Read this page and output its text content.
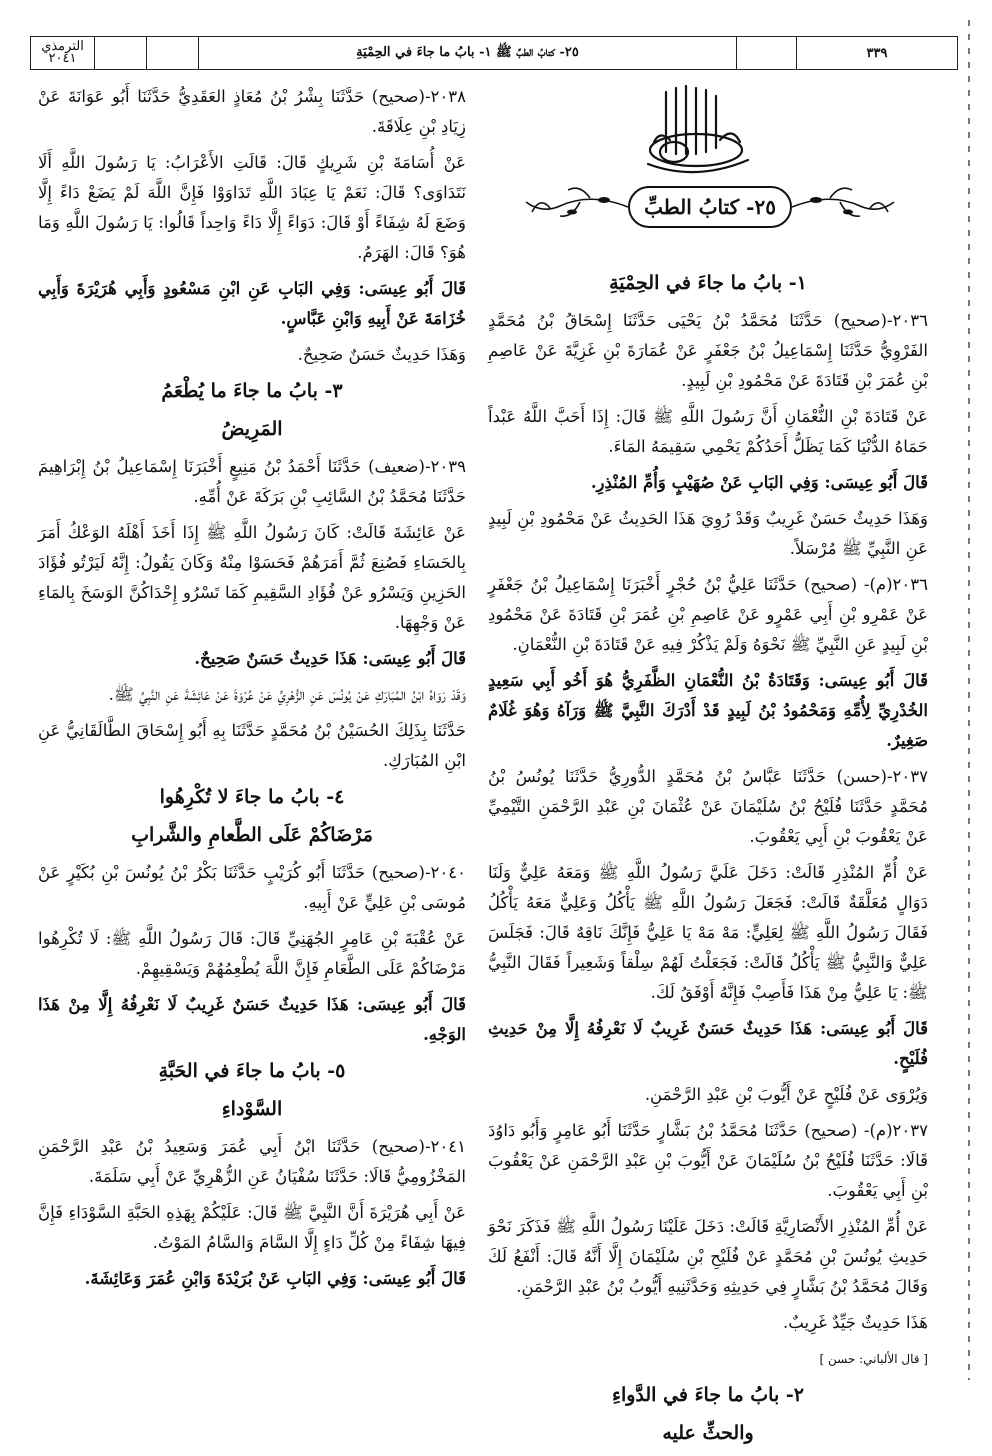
الترمذي
٢٠٤١	٢٥- كتابُ الطبِّ ﷺ ١- بابُ ما جاءَ في الحِمْيَةِ	٣٣٩
٢٥- كتابُ الطبِّ
١- بابُ ما جاءَ في الحِمْيَةِ

٢٠٣٦-(صحيح) حَدَّثَنَا مُحَمَّدُ بْنُ يَحْيَى حَدَّثَنَا إِسْحَاقُ بْنُ مُحَمَّدٍ الفَرْوِيُّ حَدَّثَنَا إِسْمَاعِيلُ بْنُ جَعْفَرٍ عَنْ عُمَارَةَ بْنِ غَزِيَّةَ عَنْ عَاصِمِ بْنِ عُمَرَ بْنِ قَتَادَةَ عَنْ مَحْمُودِ بْنِ لَبِيدٍ.

عَنْ قَتَادَةَ بْنِ النُّعْمَانِ أَنَّ رَسُولَ اللَّهِ ﷺ قَالَ: إِذَا أَحَبَّ اللَّهُ عَبْداً حَمَاهُ الدُّنْيَا كَمَا يَظَلُّ أَحَدُكُمْ يَحْمِي سَقِيمَهُ المَاءَ.

قَالَ أَبُو عِيسَى: وَفِي البَابِ عَنْ صُهَيْبٍ وَأُمِّ المُنْذِرِ.

وَهَذَا حَدِيثٌ حَسَنٌ غَرِيبٌ وَقَدْ رُوِيَ هَذَا الحَدِيثُ عَنْ مَحْمُودِ بْنِ لَبِيدٍ عَنِ النَّبِيِّ ﷺ مُرْسَلاً.

٢٠٣٦(م)- (صحيح) حَدَّثَنَا عَلِيُّ بْنُ حُجْرٍ أَخْبَرَنَا إِسْمَاعِيلُ بْنُ جَعْفَرٍ عَنْ عَمْرِو بْنِ أَبِي عَمْرٍو عَنْ عَاصِمِ بْنِ عُمَرَ بْنِ قَتَادَةَ عَنْ مَحْمُودِ بْنِ لَبِيدٍ عَنِ النَّبِيِّ ﷺ نَحْوَهُ وَلَمْ يَذْكُرْ فِيهِ عَنْ قَتَادَةَ بْنِ النُّعْمَانِ.

قَالَ أَبُو عِيسَى: وَقَتَادَةُ بْنُ النُّعْمَانِ الظَّفَرِيُّ هُوَ أَخُو أَبِي سَعِيدٍ الخُدْرِيِّ لِأُمِّهِ وَمَحْمُودُ بْنُ لَبِيدٍ قَدْ أَدْرَكَ النَّبِيَّ ﷺ وَرَآهُ وَهُوَ غُلَامٌ صَغِيرٌ.

٢٠٣٧-(حسن) حَدَّثَنَا عَبَّاسُ بْنُ مُحَمَّدٍ الدُّورِيُّ حَدَّثَنَا يُونُسُ بْنُ مُحَمَّدٍ حَدَّثَنَا فُلَيْحُ بْنُ سُلَيْمَانَ عَنْ عُثْمَانَ بْنِ عَبْدِ الرَّحْمَنِ التَّيْمِيِّ عَنْ يَعْقُوبَ بْنِ أَبِي يَعْقُوبَ.

عَنْ أُمِّ المُنْذِرِ قَالَتْ: دَخَلَ عَلَيَّ رَسُولُ اللَّهِ ﷺ وَمَعَهُ عَلِيٌّ وَلَنَا دَوَالٍ مُعَلَّقَةٌ قَالَتْ: فَجَعَلَ رَسُولُ اللَّهِ ﷺ يَأْكُلُ وَعَلِيٌّ مَعَهُ يَأْكُلُ فَقَالَ رَسُولُ اللَّهِ ﷺ لِعَلِيٍّ: مَهْ مَهْ يَا عَلِيُّ فَإِنَّكَ نَاقِهٌ قَالَ: فَجَلَسَ عَلِيٌّ وَالنَّبِيُّ ﷺ يَأْكُلُ قَالَتْ: فَجَعَلْتُ لَهُمْ سِلْقاً وَشَعِيراً فَقَالَ النَّبِيُّ ﷺ: يَا عَلِيُّ مِنْ هَذَا فَأَصِبْ فَإِنَّهُ أَوْفَقُ لَكَ.

قَالَ أَبُو عِيسَى: هَذَا حَدِيثٌ حَسَنٌ غَرِيبٌ لَا نَعْرِفُهُ إِلَّا مِنْ حَدِيثِ فُلَيْحٍ.

وَيُرْوَى عَنْ فُلَيْحٍ عَنْ أَيُّوبَ بْنِ عَبْدِ الرَّحْمَنِ.

٢٠٣٧(م)- (صحيح) حَدَّثَنَا مُحَمَّدُ بْنُ بَشَّارٍ حَدَّثَنَا أَبُو عَامِرٍ وَأَبُو دَاوُدَ قَالَا: حَدَّثَنَا فُلَيْحُ بْنُ سُلَيْمَانَ عَنْ أَيُّوبَ بْنِ عَبْدِ الرَّحْمَنِ عَنْ يَعْقُوبَ بْنِ أَبِي يَعْقُوبَ.

عَنْ أُمِّ المُنْذِرِ الأَنْصَارِيَّةِ قَالَتْ: دَخَلَ عَلَيْنَا رَسُولُ اللَّهِ ﷺ فَذَكَرَ نَحْوَ حَدِيثِ يُونُسَ بْنِ مُحَمَّدٍ عَنْ فُلَيْحِ بْنِ سُلَيْمَانَ إِلَّا أَنَّهُ قَالَ: أَنْفَعُ لَكَ وَقَالَ مُحَمَّدُ بْنُ بَشَّارٍ فِي حَدِيثِهِ وَحَدَّثَنِيهِ أَيُّوبُ بْنُ عَبْدِ الرَّحْمَنِ.

هَذَا حَدِيثٌ جَيِّدٌ غَرِيبٌ.

[ قال الألباني: حسن ]

٢- بابُ ما جاءَ في الدَّواءِ
والحثِّ عليه

٢٠٣٨-(صحيح) حَدَّثَنَا بِشْرُ بْنُ مُعَاذٍ العَقَدِيُّ حَدَّثَنَا أَبُو عَوَانَةَ عَنْ زِيَادِ بْنِ عِلَاقَةَ.

عَنْ أُسَامَةَ بْنِ شَرِيكٍ قَالَ: قَالَتِ الأَعْرَابُ: يَا رَسُولَ اللَّهِ أَلَا نَتَدَاوَى؟ قَالَ: نَعَمْ يَا عِبَادَ اللَّهِ تَدَاوَوْا فَإِنَّ اللَّهَ لَمْ يَضَعْ دَاءً إِلَّا وَضَعَ لَهُ شِفَاءً أَوْ قَالَ: دَوَاءً إِلَّا دَاءً وَاحِداً قَالُوا: يَا رَسُولَ اللَّهِ وَمَا هُوَ؟ قَالَ: الهَرَمُ.

قَالَ أَبُو عِيسَى: وَفِي البَابِ عَنِ ابْنِ مَسْعُودٍ وَأَبِي هُرَيْرَةَ وَأَبِي خُزَامَةَ عَنْ أَبِيهِ وَابْنِ عَبَّاسٍ.

وَهَذَا حَدِيثٌ حَسَنٌ صَحِيحٌ.

٣- بابُ ما جاءَ ما يُطْعَمُ
المَرِيضُ

٢٠٣٩-(ضعيف) حَدَّثَنَا أَحْمَدُ بْنُ مَنِيعٍ أَخْبَرَنَا إِسْمَاعِيلُ بْنُ إِبْرَاهِيمَ حَدَّثَنَا مُحَمَّدُ بْنُ السَّائِبِ بْنِ بَرَكَةَ عَنْ أُمِّهِ.

عَنْ عَائِشَةَ قَالَتْ: كَانَ رَسُولُ اللَّهِ ﷺ إِذَا أَخَذَ أَهْلَهُ الوَعْكُ أَمَرَ بِالحَسَاءِ فَصُنِعَ ثُمَّ أَمَرَهُمْ فَحَسَوْا مِنْهُ وَكَانَ يَقُولُ: إِنَّهُ لَيَرْتُو فُؤَادَ الحَزِينِ وَيَسْرُو عَنْ فُؤَادِ السَّقِيمِ كَمَا تَسْرُو إِحْدَاكُنَّ الوَسَخَ بِالمَاءِ عَنْ وَجْهِهَا.

قَالَ أَبُو عِيسَى: هَذَا حَدِيثٌ حَسَنٌ صَحِيحٌ.

وَقَدْ رَوَاهُ ابْنُ المُبَارَكِ عَنْ يُونُسَ عَنِ الزُّهْرِيِّ عَنْ عُرْوَةَ عَنْ عَائِشَةَ عَنِ النَّبِيِّ ﷺ.

حَدَّثَنَا بِذَلِكَ الحُسَيْنُ بْنُ مُحَمَّدٍ حَدَّثَنَا بِهِ أَبُو إِسْحَاقَ الطَّالَقَانِيُّ عَنِ ابْنِ المُبَارَكِ.

٤- بابُ ما جاءَ لا تُكْرِهُوا
مَرْضَاكُمْ عَلَى الطَّعامِ والشَّرابِ

٢٠٤٠-(صحيح) حَدَّثَنَا أَبُو كُرَيْبٍ حَدَّثَنَا بَكْرُ بْنُ يُونُسَ بْنِ بُكَيْرٍ عَنْ مُوسَى بْنِ عَلِيٍّ عَنْ أَبِيهِ.

عَنْ عُقْبَةَ بْنِ عَامِرٍ الجُهَنِيِّ قَالَ: قَالَ رَسُولُ اللَّهِ ﷺ: لَا تُكْرِهُوا مَرْضَاكُمْ عَلَى الطَّعَامِ فَإِنَّ اللَّهَ يُطْعِمُهُمْ وَيَسْقِيهِمْ.

قَالَ أَبُو عِيسَى: هَذَا حَدِيثٌ حَسَنٌ غَرِيبٌ لَا نَعْرِفُهُ إِلَّا مِنْ هَذَا الوَجْهِ.

٥- بابُ ما جاءَ في الحَبَّةِ
السَّوْداءِ

٢٠٤١-(صحيح) حَدَّثَنَا ابْنُ أَبِي عُمَرَ وَسَعِيدُ بْنُ عَبْدِ الرَّحْمَنِ المَخْزُومِيُّ قَالَا: حَدَّثَنَا سُفْيَانُ عَنِ الزُّهْرِيِّ عَنْ أَبِي سَلَمَةَ.

عَنْ أَبِي هُرَيْرَةَ أَنَّ النَّبِيَّ ﷺ قَالَ: عَلَيْكُمْ بِهَذِهِ الحَبَّةِ السَّوْدَاءِ فَإِنَّ فِيهَا شِفَاءً مِنْ كُلِّ دَاءٍ إِلَّا السَّامَ وَالسَّامُ المَوْتُ.

قَالَ أَبُو عِيسَى: وَفِي البَابِ عَنْ بُرَيْدَةَ وَابْنِ عُمَرَ وَعَائِشَةَ.
